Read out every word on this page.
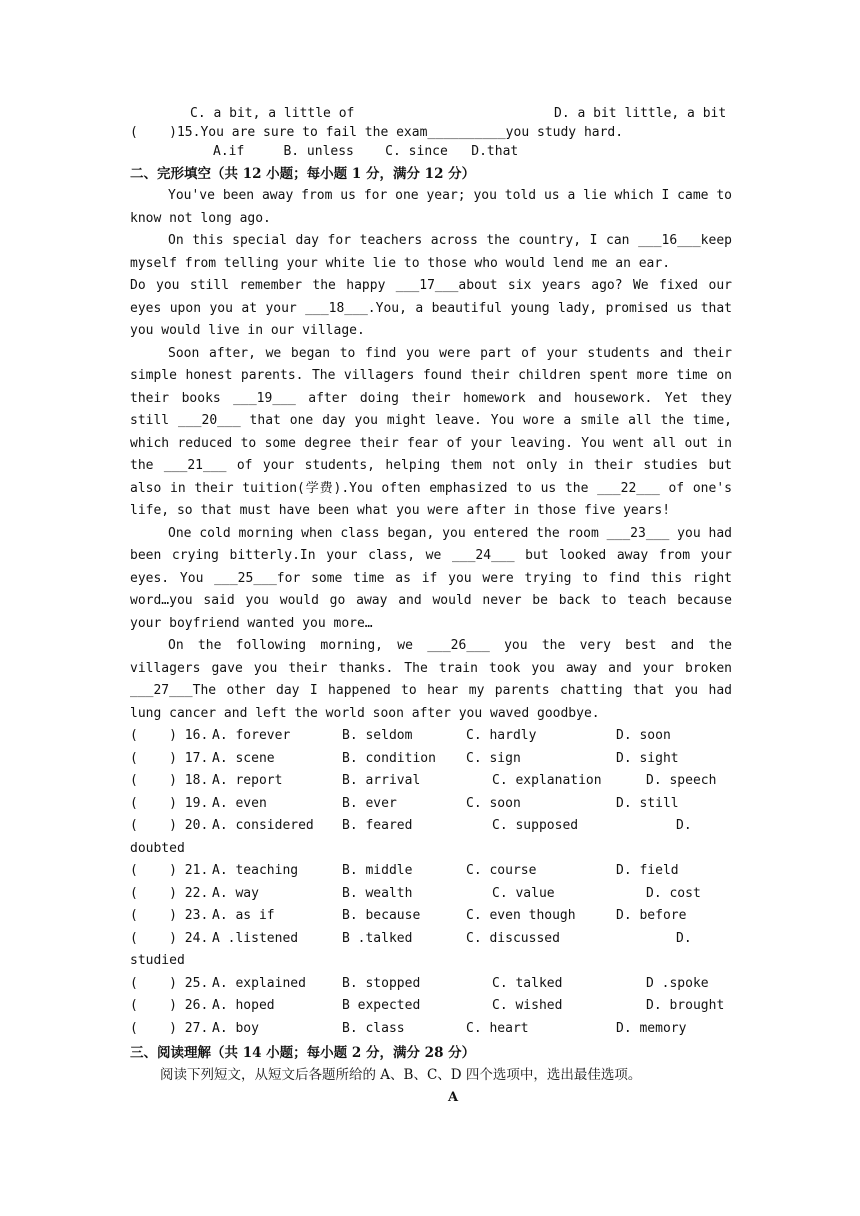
C. a bit, a little of	D. a bit little, a bit
(    )15.You are sure to fail the exam__________you study hard.
A.if     B. unless    C. since   D.that
二、完形填空（共 12 小题；每小题 1 分，满分 12 分）

You've been away from us for one year; you told us a lie which I came to know not long ago.

On this special day for teachers across the country, I can ___16___keep myself from telling your white lie to those who would lend me an ear.

Do you still remember the happy ___17___about six years ago? We fixed our eyes upon you at your ___18___.You, a beautiful young lady, promised us that you would live in our village.

Soon after, we began to find you were part of your students and their simple honest parents. The villagers found their children spent more time on their books ___19___ after doing their homework and housework. Yet they still ___20___ that one day you might leave. You wore a smile all the time, which reduced to some degree their fear of your leaving. You went all out in the ___21___ of your students, helping them not only in their studies but also in their tuition(学费).You often emphasized to us the ___22___ of one's life, so that must have been what you were after in those five years!

One cold morning when class began, you entered the room ___23___ you had been crying bitterly.In your class, we ___24___ but looked away from your eyes. You ___25___for some time as if you were trying to find this right word…you said you would go away and would never be back to teach because your boyfriend wanted you more…

On the following morning, we ___26___ you the very best and the villagers gave you their thanks. The train took you away and your broken ___27___The other day I happened to hear my parents chatting that you had lung cancer and left the world soon after you waved goodbye.

(    ) 16. A. forever	B. seldom	C. hardly	D. soon
(    ) 17. A. scene	B. condition C. sign	D. sight
(    ) 18. A. report	B. arrival	C. explanation	D. speech
(    ) 19. A. even	B. ever	C. soon	D. still
(    ) 20. A. considered B. feared	C. supposed	D.
doubted
(    ) 21. A. teaching	B. middle	C. course	D. field
(    ) 22. A. way	B. wealth	C. value	D. cost
(    ) 23. A. as if	B. because	C. even though	D. before
(    ) 24. A .listened	B .talked	C. discussed	D.
studied
(    ) 25. A. explained	B. stopped	C. talked	D .spoke
(    ) 26. A. hoped	B expected	C. wished	D. brought
(    ) 27. A. boy	B. class	C. heart	D. memory
三、阅读理解（共 14 小题；每小题 2 分，满分 28 分）
阅读下列短文，从短文后各题所给的 A、B、C、D 四个选项中，选出最佳选项。
A
